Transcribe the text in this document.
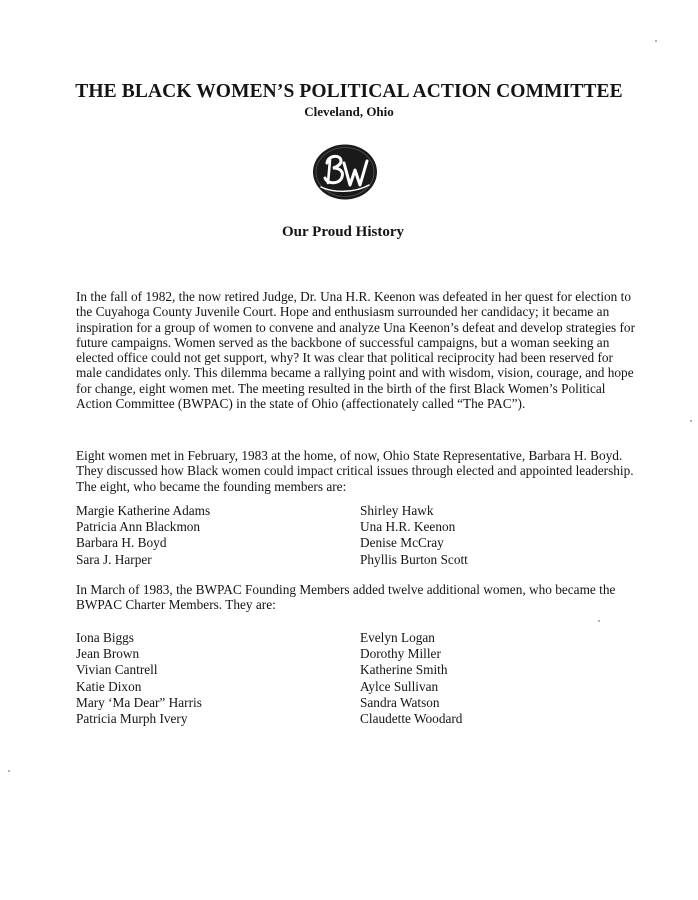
THE BLACK WOMEN’S POLITICAL ACTION COMMITTEE
Cleveland, Ohio
Our Proud History

In the fall of 1982, the now retired Judge, Dr. Una H.R. Keenon was defeated in her quest for election to the Cuyahoga County Juvenile Court. Hope and enthusiasm surrounded her candidacy; it became an inspiration for a group of women to convene and analyze Una Keenon’s defeat and develop strategies for future campaigns. Women served as the backbone of successful campaigns, but a woman seeking an elected office could not get support, why? It was clear that political reciprocity had been reserved for male candidates only. This dilemma became a rallying point and with wisdom, vision, courage, and hope for change, eight women met. The meeting resulted in the birth of the first Black Women’s Political Action Committee (BWPAC) in the state of Ohio (affectionately called “The PAC”).

Eight women met in February, 1983 at the home, of now, Ohio State Representative, Barbara H. Boyd. They discussed how Black women could impact critical issues through elected and appointed leadership. The eight, who became the founding members are:

Margie Katherine Adams
Patricia Ann Blackmon
Barbara H. Boyd
Sara J. Harper
Shirley Hawk
Una H.R. Keenon
Denise McCray
Phyllis Burton Scott

In March of 1983, the BWPAC Founding Members added twelve additional women, who became the BWPAC Charter Members. They are:

Iona Biggs
Jean Brown
Vivian Cantrell
Katie Dixon
Mary ‘Ma Dear” Harris
Patricia Murph Ivery
Evelyn Logan
Dorothy Miller
Katherine Smith
Aylce Sullivan
Sandra Watson
Claudette Woodard
